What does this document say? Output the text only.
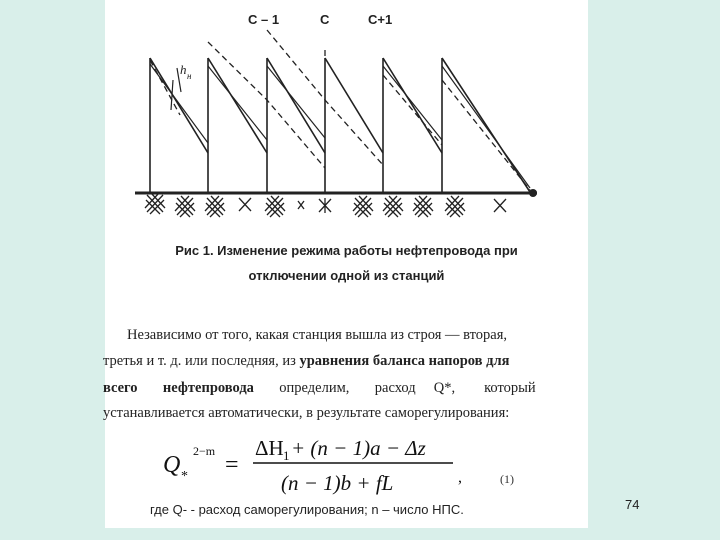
h н
C – 1	C	C+1
Рис 1. Изменение режима работы нефтепровода при
отключении одной из станций
Независимо от того, какая станция вышла из строя — вторая,
третья и т. д. или последняя, из уравнения баланса напоров для
всего нефтепровода определим, расход Q*, который
устанавливается автоматически, в результате саморегулирования:
Q *
2−m
=
ΔH 1 + (n − 1)a − Δz
(n − 1)b + fL	,	(1)
где Q- - расход саморегулирования; n – число НПС.	74
